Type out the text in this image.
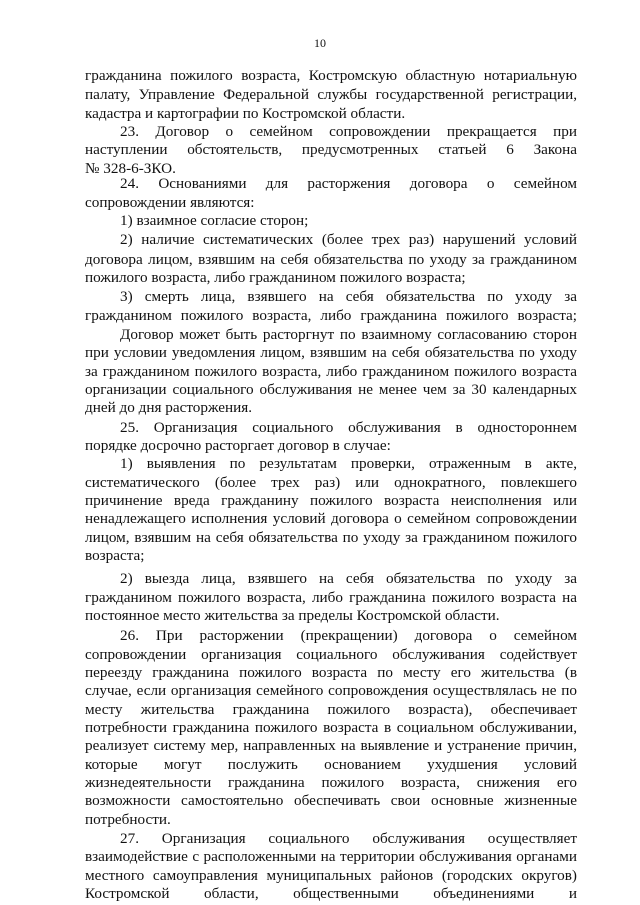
10
гражданина пожилого возраста, Костромскую областную нотариальную
палату, Управление Федеральной службы государственной регистрации,
кадастра и картографии по Костромской области.
23. Договор о семейном сопровождении прекращается при
наступлении обстоятельств, предусмотренных статьей 6 Закона
№ 328-6-ЗКО.
24. Основаниями для расторжения договора о семейном
сопровождении являются:
1) взаимное согласие сторон;
2) наличие систематических (более трех раз) нарушений условий
договора лицом, взявшим на себя обязательства по уходу за гражданином
пожилого возраста, либо гражданином пожилого возраста;
3) смерть лица, взявшего на себя обязательства по уходу за
гражданином пожилого возраста, либо гражданина пожилого возраста;
Договор может быть расторгнут по взаимному согласованию сторон
при условии уведомления лицом, взявшим на себя обязательства по уходу
за гражданином пожилого возраста, либо гражданином пожилого возраста
организации социального обслуживания не менее чем за 30 календарных
дней до дня расторжения.
25. Организация социального обслуживания в одностороннем
порядке досрочно расторгает договор в случае:
1) выявления по результатам проверки, отраженным в акте,
систематического (более трех раз) или однократного, повлекшего
причинение вреда гражданину пожилого возраста неисполнения или
ненадлежащего исполнения условий договора о семейном сопровождении
лицом, взявшим на себя обязательства по уходу за гражданином пожилого
возраста;
2) выезда лица, взявшего на себя обязательства по уходу за
гражданином пожилого возраста, либо гражданина пожилого возраста на
постоянное место жительства за пределы Костромской области.
26. При расторжении (прекращении) договора о семейном
сопровождении организация социального обслуживания содействует
переезду гражданина пожилого возраста по месту его жительства (в
случае, если организация семейного сопровождения осуществлялась не по
месту жительства гражданина пожилого возраста), обеспечивает
потребности гражданина пожилого возраста в социальном обслуживании,
реализует систему мер, направленных на выявление и устранение причин,
которые могут послужить основанием ухудшения условий
жизнедеятельности гражданина пожилого возраста, снижения его
возможности самостоятельно обеспечивать свои основные жизненные
потребности.
27. Организация социального обслуживания осуществляет
взаимодействие с расположенными на территории обслуживания органами
местного самоуправления муниципальных районов (городских округов)
Костромской области, общественными объединениями и
